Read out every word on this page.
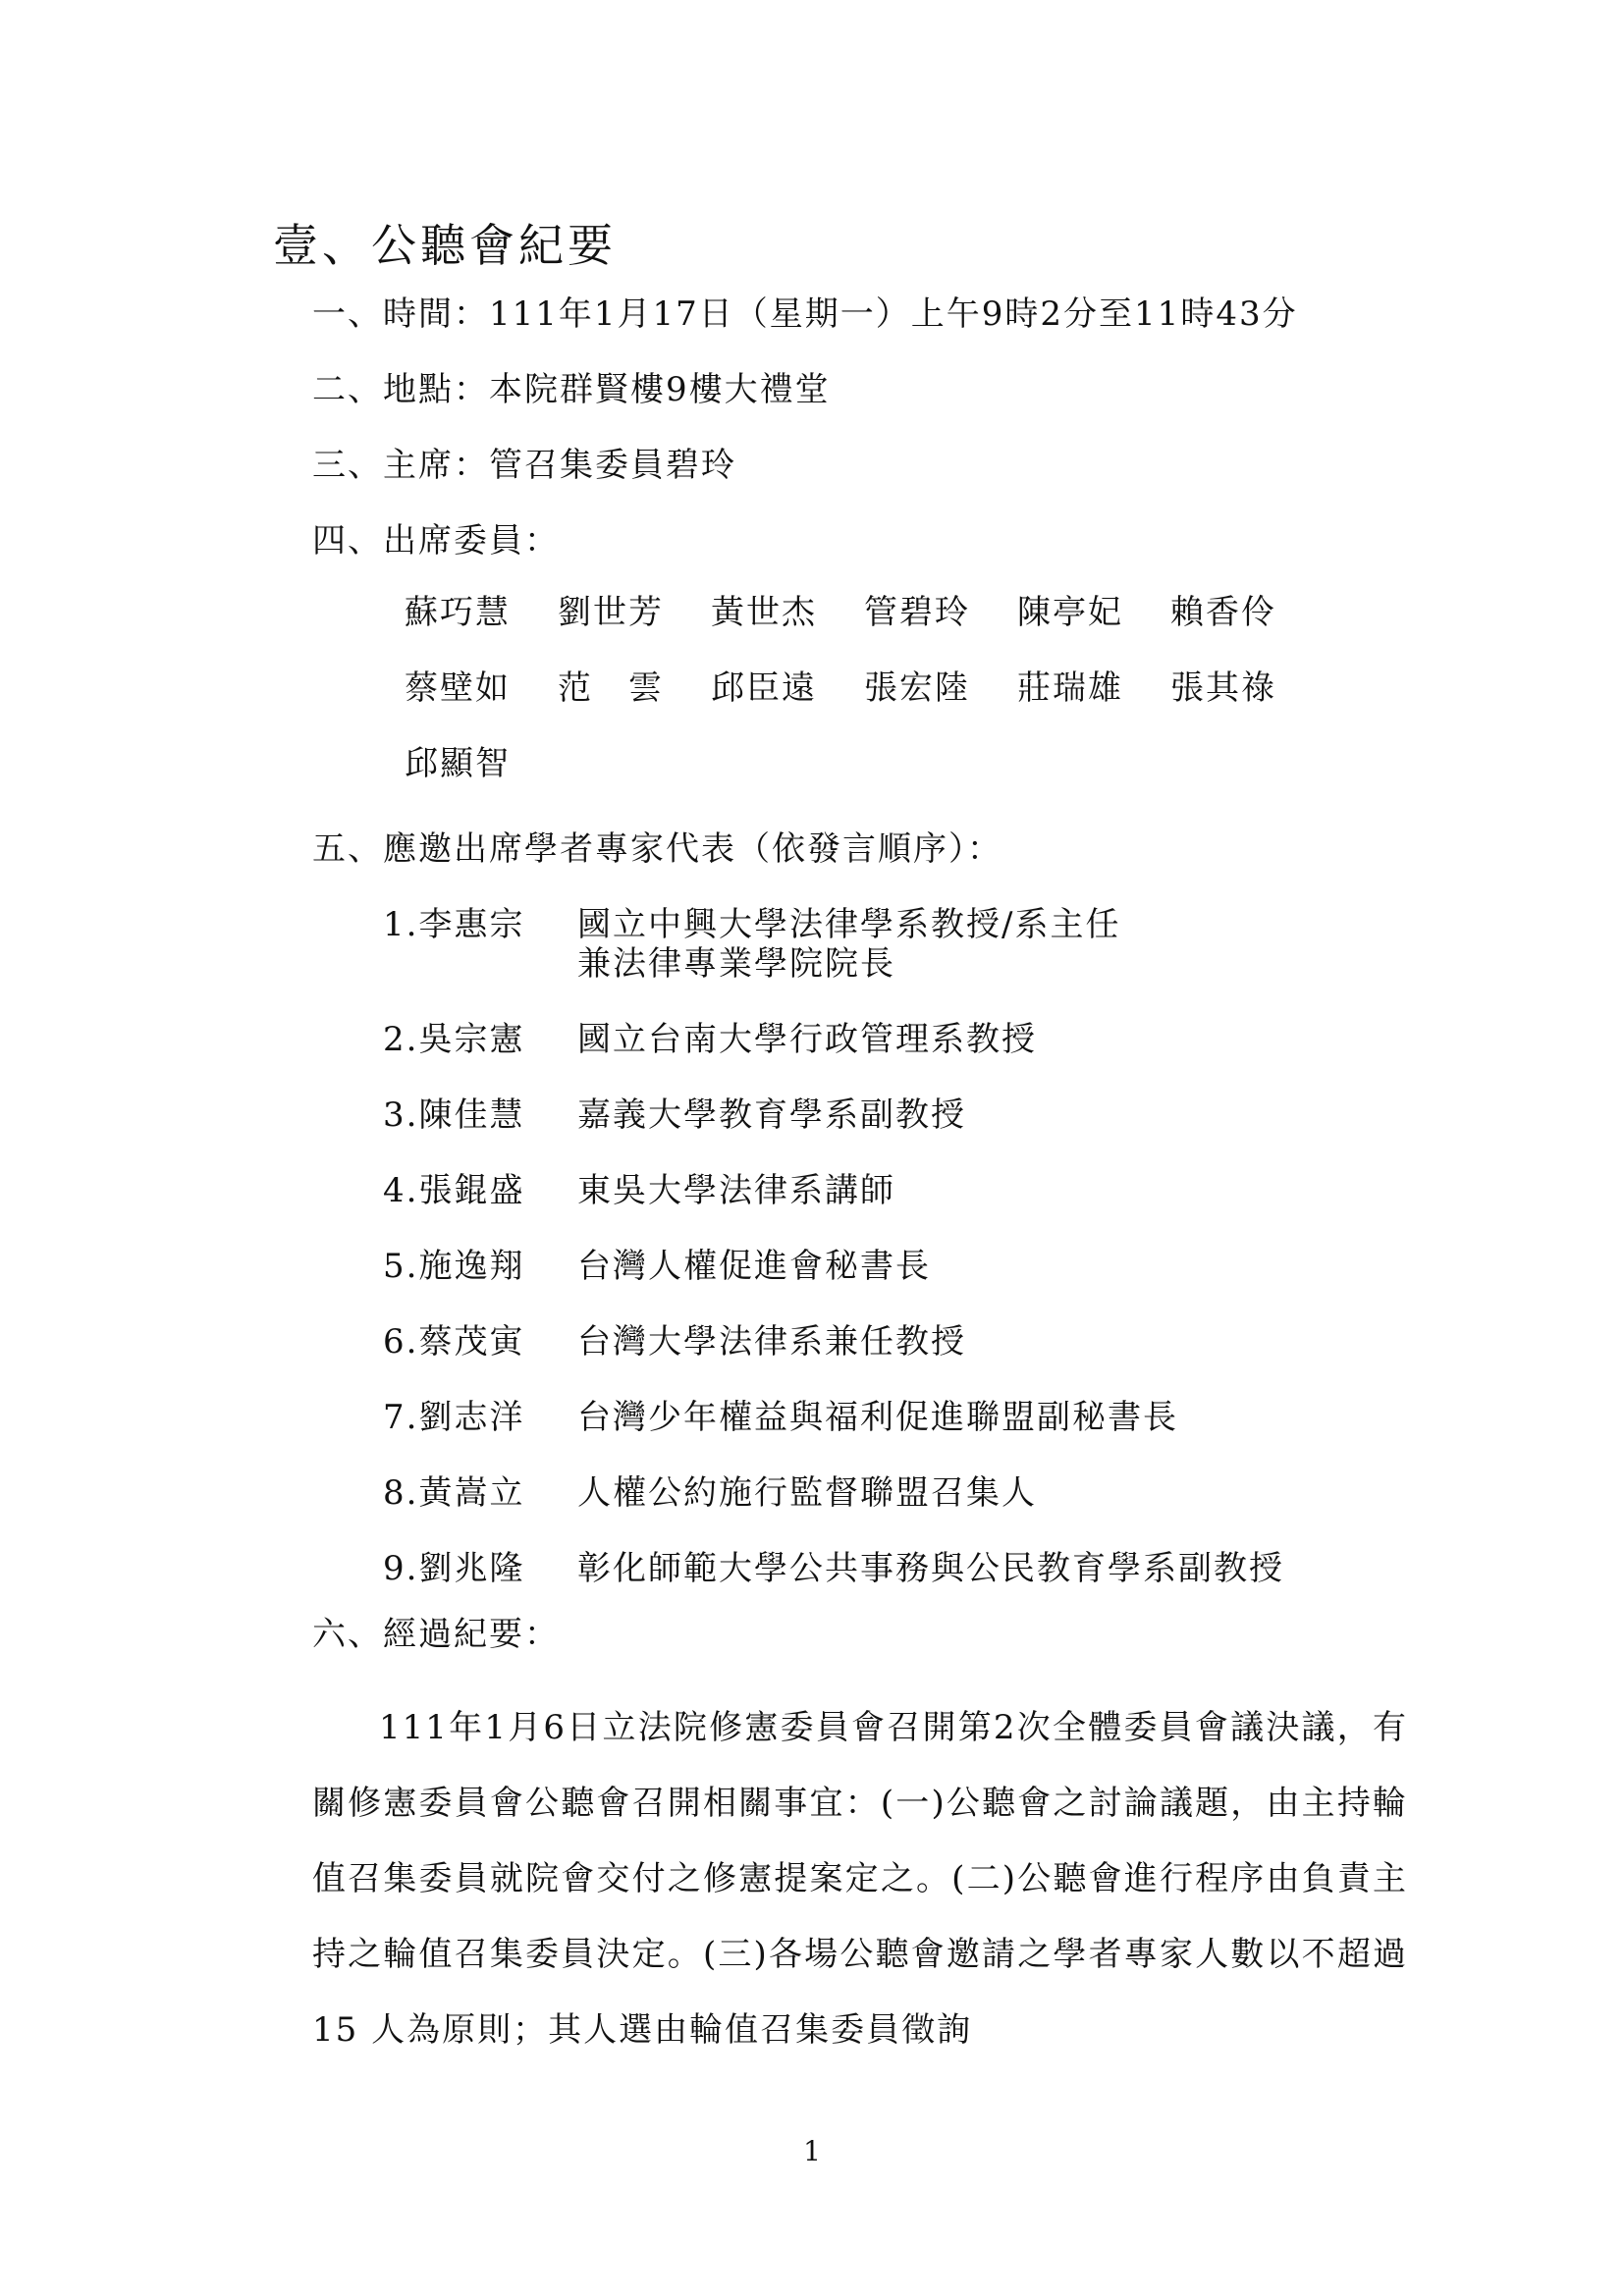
壹、公聽會紀要
一、時間：111年1月17日（星期一）上午9時2分至11時43分
二、地點：本院群賢樓9樓大禮堂
三、主席：管召集委員碧玲
四、出席委員：
蘇巧慧	劉世芳	黃世杰	管碧玲	陳亭妃	賴香伶
蔡壁如	范　雲	邱臣遠	張宏陸	莊瑞雄	張其祿
邱顯智
五、應邀出席學者專家代表（依發言順序）：
1.李惠宗	國立中興大學法律學系教授/系主任
兼法律專業學院院長
2.吳宗憲	國立台南大學行政管理系教授
3.陳佳慧	嘉義大學教育學系副教授
4.張錕盛	東吳大學法律系講師
5.施逸翔	台灣人權促進會秘書長
6.蔡茂寅	台灣大學法律系兼任教授
7.劉志洋	台灣少年權益與福利促進聯盟副秘書長
8.黃嵩立	人權公約施行監督聯盟召集人
9.劉兆隆	彰化師範大學公共事務與公民教育學系副教授
六、經過紀要：
111年1月6日立法院修憲委員會召開第2次全體委員會議決議，有關修憲委員會公聽會召開相關事宜：(一)公聽會之討論議題，由主持輪值召集委員就院會交付之修憲提案定之。(二)公聽會進行程序由負責主持之輪值召集委員決定。(三)各場公聽會邀請之學者專家人數以不超過 15 人為原則；其人選由輪值召集委員徵詢
1
